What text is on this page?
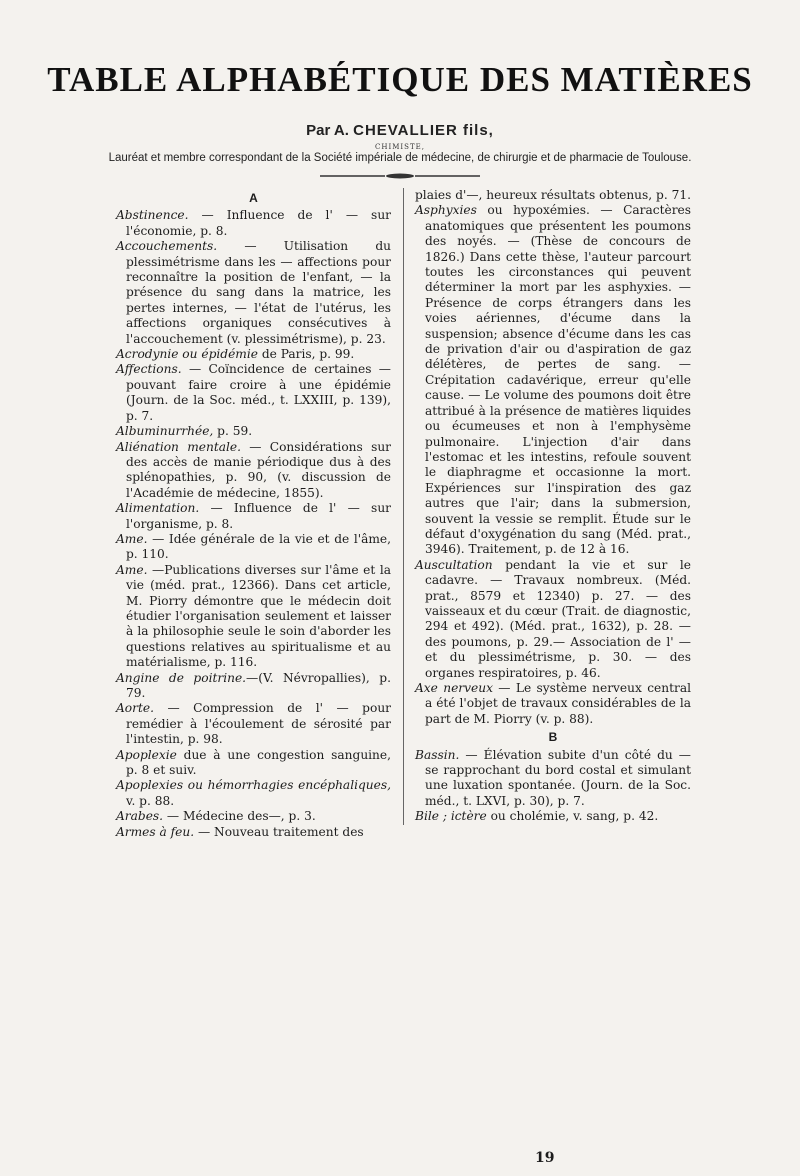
TABLE ALPHABÉTIQUE DES MATIÈRES
Par A. CHEVALLIER fils,
CHIMISTE,
Lauréat et membre correspondant de la Société impériale de médecine, de chirurgie et de pharmacie de Toulouse.
A

Abstinence. — Influence de l' — sur l'économie, p. 8.

Accouchements. — Utilisation du plessimétrisme dans les — affections pour reconnaître la position de l'enfant, — la présence du sang dans la matrice, les pertes internes, — l'état de l'utérus, les affections organiques consécutives à l'accouchement (v. plessimétrisme), p. 23.

Acrodynie ou épidémie de Paris, p. 99.

Affections. — Coïncidence de certaines — pouvant faire croire à une épidémie (Journ. de la Soc. méd., t. LXXIII, p. 139), p. 7.

Albuminurrhée, p. 59.

Aliénation mentale. — Considérations sur des accès de manie périodique dus à des splénopathies, p. 90, (v. discussion de l'Académie de médecine, 1855).

Alimentation. — Influence de l' — sur l'organisme, p. 8.

Ame. — Idée générale de la vie et de l'âme, p. 110.

Ame. —Publications diverses sur l'âme et la vie (méd. prat., 12366). Dans cet article, M. Piorry démontre que le médecin doit étudier l'organisation seulement et laisser à la philosophie seule le soin d'aborder les questions relatives au spiritualisme et au matérialisme, p. 116.

Angine de poitrine.—(V. Névropallies), p. 79.

Aorte. — Compression de l' — pour remédier à l'écoulement de sérosité par l'intestin, p. 98.

Apoplexie due à une congestion sanguine, p. 8 et suiv.

Apoplexies ou hémorrhagies encéphaliques, v. p. 88.

Arabes. — Médecine des—, p. 3.

Armes à feu. — Nouveau traitement des

plaies d'—, heureux résultats obtenus, p. 71.

Asphyxies ou hypoxémies. — Caractères anatomiques que présentent les poumons des noyés. — (Thèse de concours de 1826.) Dans cette thèse, l'auteur parcourt toutes les circonstances qui peuvent déterminer la mort par les asphyxies. — Présence de corps étrangers dans les voies aériennes, d'écume dans la suspension; absence d'écume dans les cas de privation d'air ou d'aspiration de gaz délétères, de pertes de sang. — Crépitation cadavérique, erreur qu'elle cause. — Le volume des poumons doit être attribué à la présence de matières liquides ou écumeuses et non à l'emphysème pulmonaire. L'injection d'air dans l'estomac et les intestins, refoule souvent le diaphragme et occasionne la mort. Expériences sur l'inspiration des gaz autres que l'air; dans la submersion, souvent la vessie se remplit. Étude sur le défaut d'oxygénation du sang (Méd. prat., 3946). Traitement, p. de 12 à 16.

Auscultation pendant la vie et sur le cadavre. — Travaux nombreux. (Méd. prat., 8579 et 12340) p. 27. — des vaisseaux et du cœur (Trait. de diagnostic, 294 et 492). (Méd. prat., 1632), p. 28. — des poumons, p. 29.— Association de l' — et du plessimétrisme, p. 30. — des organes respiratoires, p. 46.

Axe nerveux — Le système nerveux central a été l'objet de travaux considérables de la part de M. Piorry (v. p. 88).

B

Bassin. — Élévation subite d'un côté du — se rapprochant du bord costal et simulant une luxation spontanée. (Journ. de la Soc. méd., t. LXVI, p. 30), p. 7.

Bile ; ictère ou cholémie, v. sang, p. 42.

19
